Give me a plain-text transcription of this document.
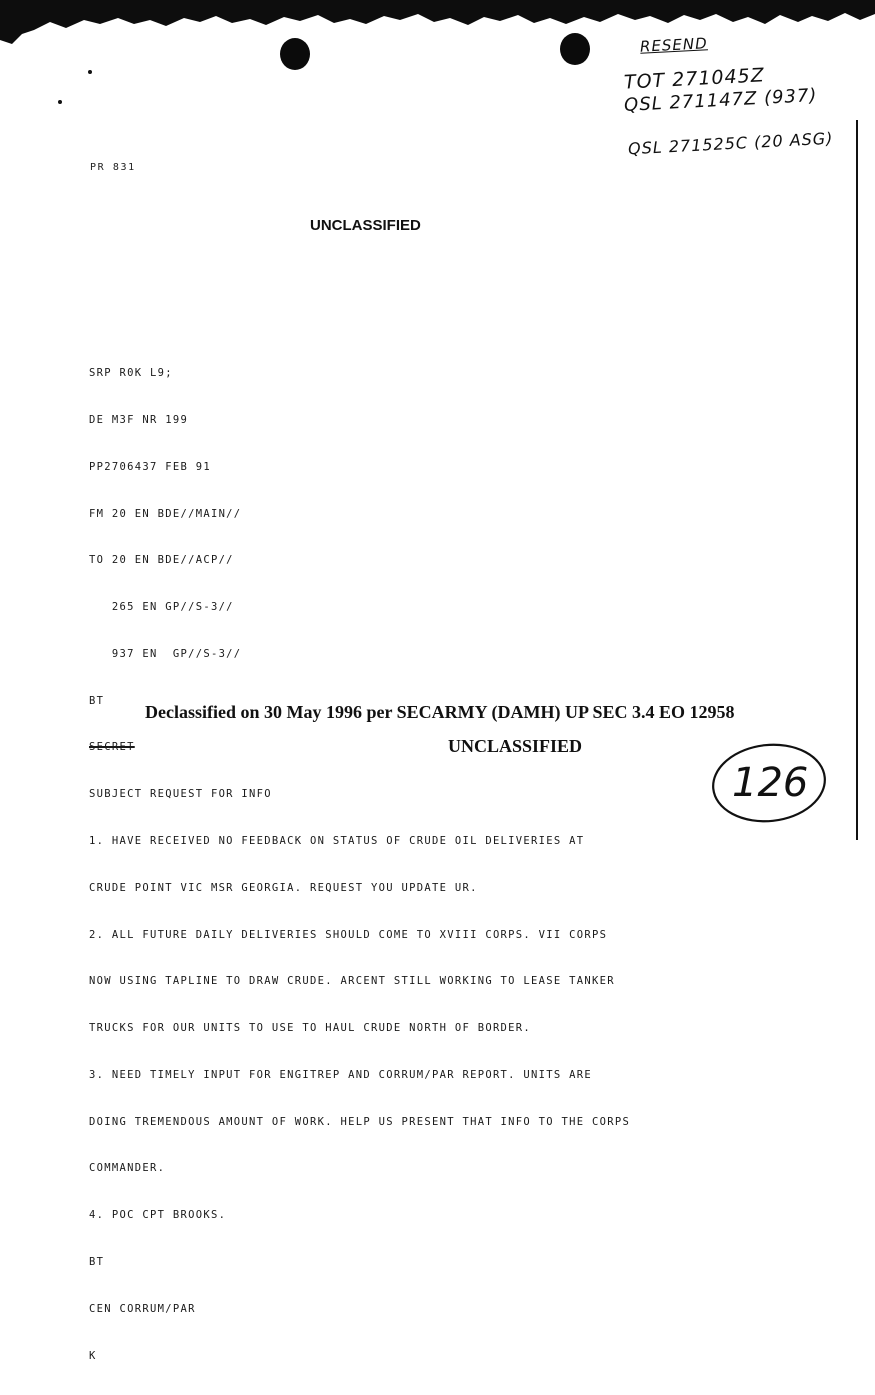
RESEND
TOT 271045Z
QSL 271147Z (937)
QSL 271525C (20 ASG)
PR 831
UNCLASSIFIED

SRP R0K L9;

DE M3F NR 199

PP2706437 FEB 91

FM 20 EN BDE//MAIN//

TO 20 EN BDE//ACP//

265 EN GP//S-3//

937 EN  GP//S-3//

BT

SECRET

SUBJECT REQUEST FOR INFO

1. HAVE RECEIVED NO FEEDBACK ON STATUS OF CRUDE OIL DELIVERIES AT

CRUDE POINT VIC MSR GEORGIA. REQUEST YOU UPDATE UR.

2. ALL FUTURE DAILY DELIVERIES SHOULD COME TO XVIII CORPS. VII CORPS

NOW USING TAPLINE TO DRAW CRUDE. ARCENT STILL WORKING TO LEASE TANKER

TRUCKS FOR OUR UNITS TO USE TO HAUL CRUDE NORTH OF BORDER.

3. NEED TIMELY INPUT FOR ENGITREP AND CORRUM/PAR REPORT. UNITS ARE

DOING TREMENDOUS AMOUNT OF WORK. HELP US PRESENT THAT INFO TO THE CORPS

COMMANDER.

4. POC CPT BROOKS.

BT

CEN CORRUM/PAR

K

Declassified on 30 May 1996 per SECARMY (DAMH) UP SEC 3.4 EO 12958
UNCLASSIFIED
126
